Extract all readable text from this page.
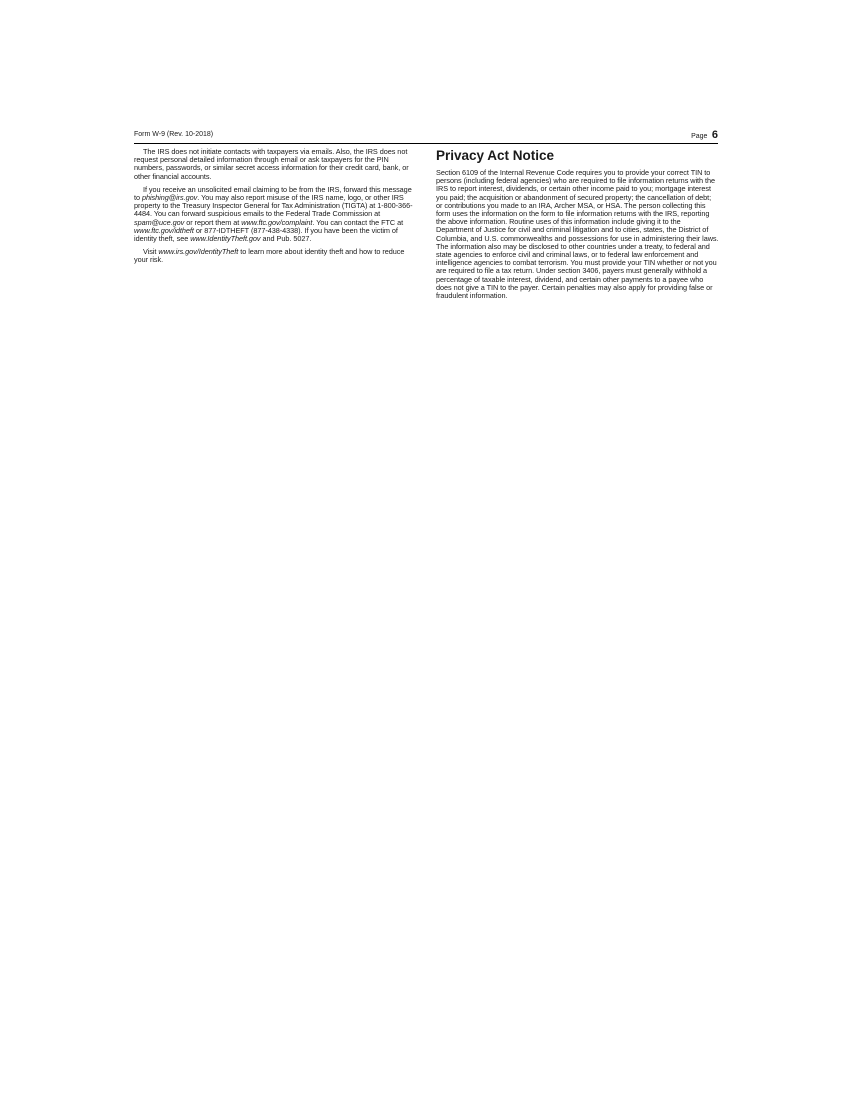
Form W-9 (Rev. 10-2018)	Page 6

The IRS does not initiate contacts with taxpayers via emails. Also, the IRS does not request personal detailed information through email or ask taxpayers for the PIN numbers, passwords, or similar secret access information for their credit card, bank, or other financial accounts.

If you receive an unsolicited email claiming to be from the IRS, forward this message to phishing@irs.gov. You may also report misuse of the IRS name, logo, or other IRS property to the Treasury Inspector General for Tax Administration (TIGTA) at 1-800-366-4484. You can forward suspicious emails to the Federal Trade Commission at spam@uce.gov or report them at www.ftc.gov/complaint. You can contact the FTC at www.ftc.gov/idtheft or 877-IDTHEFT (877-438-4338). If you have been the victim of identity theft, see www.IdentityTheft.gov and Pub. 5027.

Visit www.irs.gov/IdentityTheft to learn more about identity theft and how to reduce your risk.

Privacy Act Notice

Section 6109 of the Internal Revenue Code requires you to provide your correct TIN to persons (including federal agencies) who are required to file information returns with the IRS to report interest, dividends, or certain other income paid to you; mortgage interest you paid; the acquisition or abandonment of secured property; the cancellation of debt; or contributions you made to an IRA, Archer MSA, or HSA. The person collecting this form uses the information on the form to file information returns with the IRS, reporting the above information. Routine uses of this information include giving it to the Department of Justice for civil and criminal litigation and to cities, states, the District of Columbia, and U.S. commonwealths and possessions for use in administering their laws. The information also may be disclosed to other countries under a treaty, to federal and state agencies to enforce civil and criminal laws, or to federal law enforcement and intelligence agencies to combat terrorism. You must provide your TIN whether or not you are required to file a tax return. Under section 3406, payers must generally withhold a percentage of taxable interest, dividend, and certain other payments to a payee who does not give a TIN to the payer. Certain penalties may also apply for providing false or fraudulent information.
